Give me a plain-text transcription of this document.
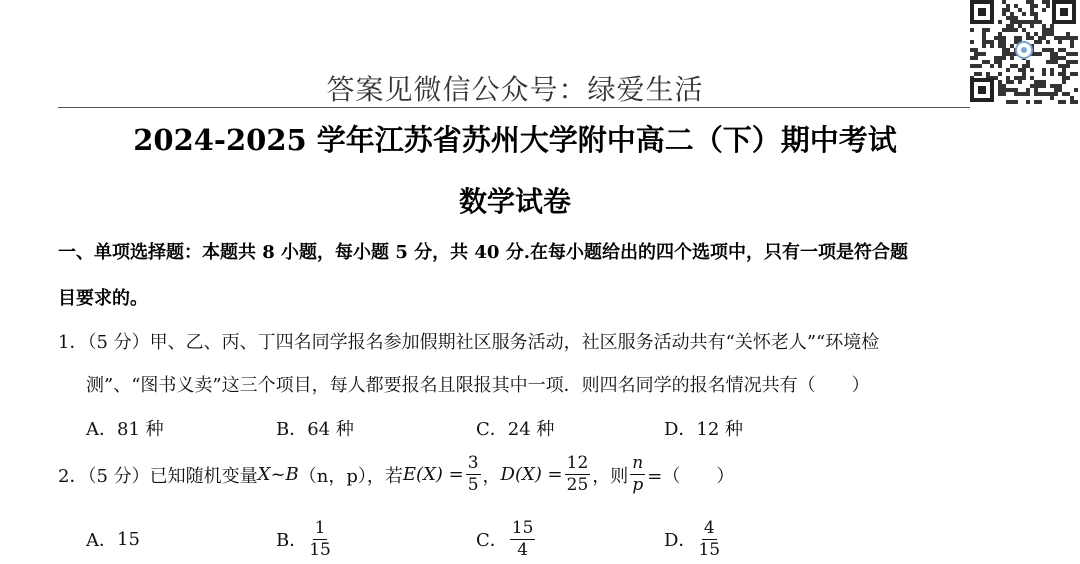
答案见微信公众号：绿爱生活
2024-2025 学年江苏省苏州大学附中高二（下）期中考试
数学试卷
一、单项选择题：本题共 8 小题，每小题 5 分，共 40 分.在每小题给出的四个选项中，只有一项是符合题
目要求的。
1．（5 分）甲、乙、丙、丁四名同学报名参加假期社区服务活动，社区服务活动共有“关怀老人”“环境检
测”、“图书义卖”这三个项目，每人都要报名且限报其中一项．则四名同学的报名情况共有（　　）
A．81 种	B．64 种	C．24 种	D．12 种
2．（5 分）已知随机变量 X ~ B （n，p），若 $E(X) = \frac{3}{5}$ ， $D(X) = \frac{12}{25}$ ，则 $\frac{n}{p}$ =（　　）
A． 15	B． $\frac{1}{15}$	C． $\frac{15}{4}$	D． $\frac{4}{15}$
